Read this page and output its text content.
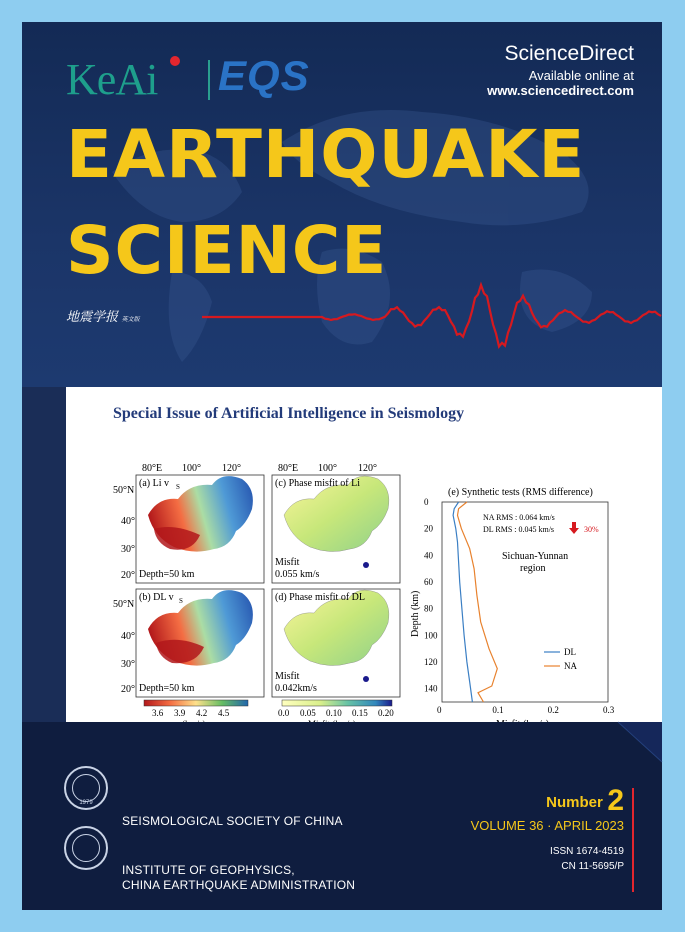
KeAi EQS	ScienceDirect
Available online at
www.sciencedirect.com
EARTHQUAKE
SCIENCE
地震学报 英文版
Special Issue of Artificial Intelligence in Seismology
80°E 100° 120°	80°E 100° 120°
50°N
40°
30°
20°
50°N
40°
30°
20°
(a) Li v S
Depth=50 km
(b) DL v S
Depth=50 km
(c) Phase misfit of Li
Misfit
0.055 km/s
(d) Phase misfit of DL
Misfit
0.042km/s
3.6 3.9 4.2 4.5	0.0 0.05 0.10 0.15 0.20
(e) Synthetic tests (RMS difference)
0	0.1	0.2	0.3
0
20
40
60
80
100
120
140
NA RMS : 0.064 km/s
DL RMS : 0.045 km/s	30%
Sichuan-Yunnan
region
DL
NA
Depth (km)
1979
SEISMOLOGICAL SOCIETY OF CHINA
INSTITUTE OF GEOPHYSICS,
CHINA EARTHQUAKE ADMINISTRATION
Number 2
VOLUME 36 · APRIL 2023
ISSN 1674-4519
CN 11-5695/P
